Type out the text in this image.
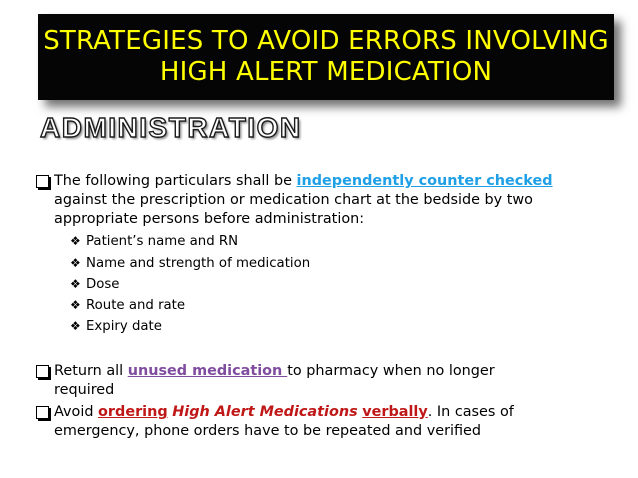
STRATEGIES TO AVOID ERRORS INVOLVING
HIGH ALERT MEDICATION
ADMINISTRATION
The following particulars shall be independently counter checked
against the prescription or medication chart at the bedside by two
appropriate persons before administration:
❖ Patient’s name and RN
❖ Name and strength of medication
❖ Dose
❖ Route and rate
❖ Expiry date
Return all unused medication to pharmacy when no longer
required
Avoid ordering High Alert Medications verbally. In cases of
emergency, phone orders have to be repeated and verified
